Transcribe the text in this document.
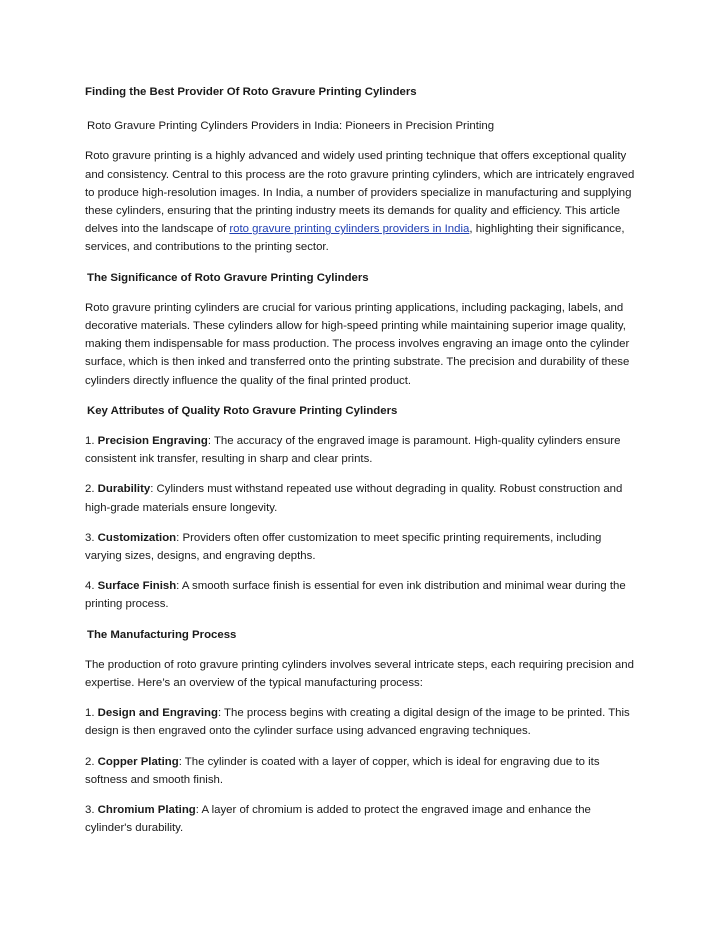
Finding the Best Provider Of Roto Gravure Printing Cylinders
Roto Gravure Printing Cylinders Providers in India: Pioneers in Precision Printing

Roto gravure printing is a highly advanced and widely used printing technique that offers exceptional quality and consistency. Central to this process are the roto gravure printing cylinders, which are intricately engraved to produce high-resolution images. In India, a number of providers specialize in manufacturing and supplying these cylinders, ensuring that the printing industry meets its demands for quality and efficiency. This article delves into the landscape of roto gravure printing cylinders providers in India, highlighting their significance, services, and contributions to the printing sector.

The Significance of Roto Gravure Printing Cylinders

Roto gravure printing cylinders are crucial for various printing applications, including packaging, labels, and decorative materials. These cylinders allow for high-speed printing while maintaining superior image quality, making them indispensable for mass production. The process involves engraving an image onto the cylinder surface, which is then inked and transferred onto the printing substrate. The precision and durability of these cylinders directly influence the quality of the final printed product.

Key Attributes of Quality Roto Gravure Printing Cylinders

1. Precision Engraving: The accuracy of the engraved image is paramount. High-quality cylinders ensure consistent ink transfer, resulting in sharp and clear prints.

2. Durability: Cylinders must withstand repeated use without degrading in quality. Robust construction and high-grade materials ensure longevity.

3. Customization: Providers often offer customization to meet specific printing requirements, including varying sizes, designs, and engraving depths.

4. Surface Finish: A smooth surface finish is essential for even ink distribution and minimal wear during the printing process.

The Manufacturing Process

The production of roto gravure printing cylinders involves several intricate steps, each requiring precision and expertise. Here’s an overview of the typical manufacturing process:

1. Design and Engraving: The process begins with creating a digital design of the image to be printed. This design is then engraved onto the cylinder surface using advanced engraving techniques.

2. Copper Plating: The cylinder is coated with a layer of copper, which is ideal for engraving due to its softness and smooth finish.

3. Chromium Plating: A layer of chromium is added to protect the engraved image and enhance the cylinder's durability.
